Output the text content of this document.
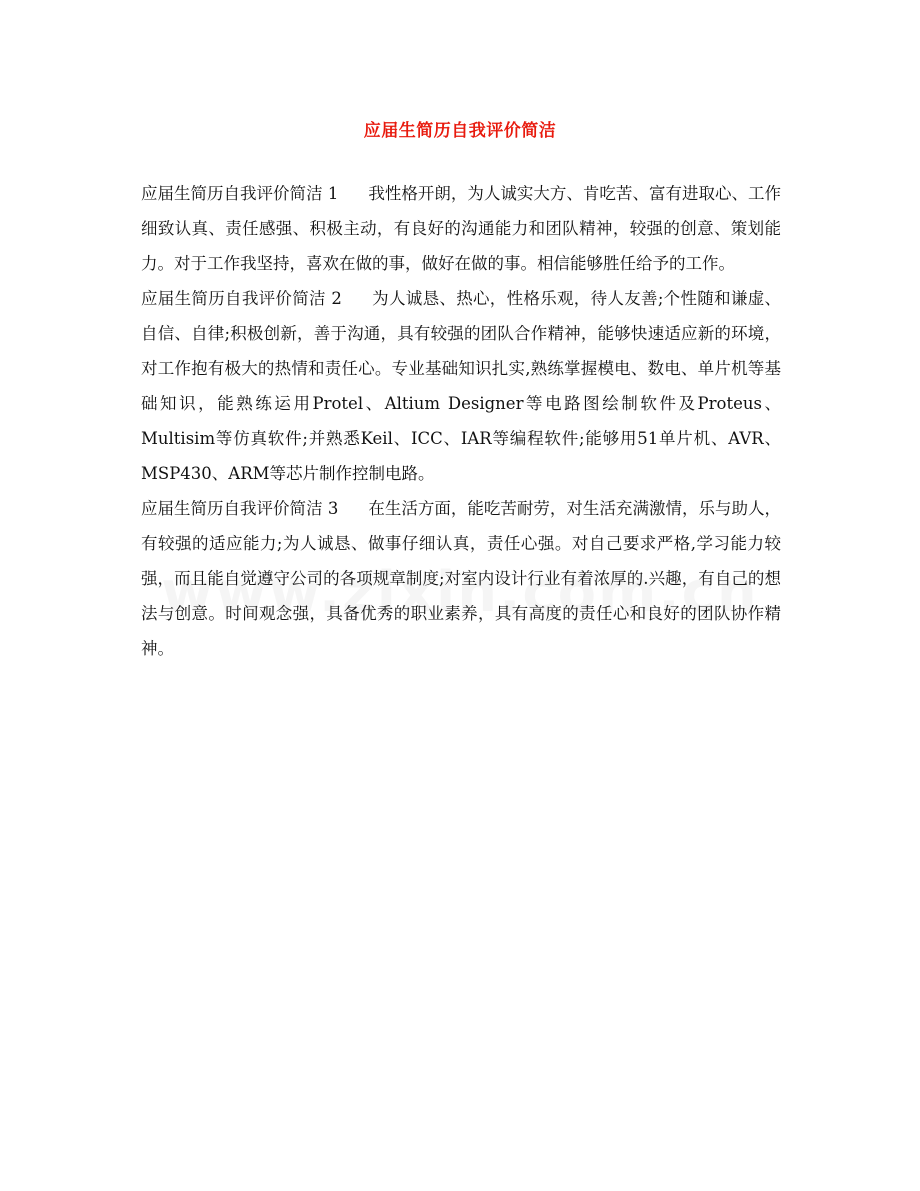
应届生简历自我评价简洁

应届生简历自我评价简洁 1 我性格开朗，为人诚实大方、肯吃苦、富有进取心、工作细致认真、责任感强、积极主动，有良好的沟通能力和团队精神，较强的创意、策划能力。对于工作我坚持，喜欢在做的事，做好在做的事。相信能够胜任给予的工作。

应届生简历自我评价简洁 2 为人诚恳、热心，性格乐观，待人友善;个性随和谦虚、自信、自律;积极创新，善于沟通，具有较强的团队合作精神，能够快速适应新的环境，对工作抱有极大的热情和责任心。专业基础知识扎实,熟练掌握模电、数电、单片机等基础知识，能熟练运用Protel、Altium Designer等电路图绘制软件及Proteus、Multisim等仿真软件;并熟悉Keil、ICC、IAR等编程软件;能够用51单片机、AVR、MSP430、ARM等芯片制作控制电路。

应届生简历自我评价简洁 3 在生活方面，能吃苦耐劳，对生活充满激情，乐与助人，有较强的适应能力;为人诚恳、做事仔细认真，责任心强。对自己要求严格,学习能力较强，而且能自觉遵守公司的各项规章制度;对室内设计行业有着浓厚的.兴趣，有自己的想法与创意。时间观念强，具备优秀的职业素养，具有高度的责任心和良好的团队协作精神。
